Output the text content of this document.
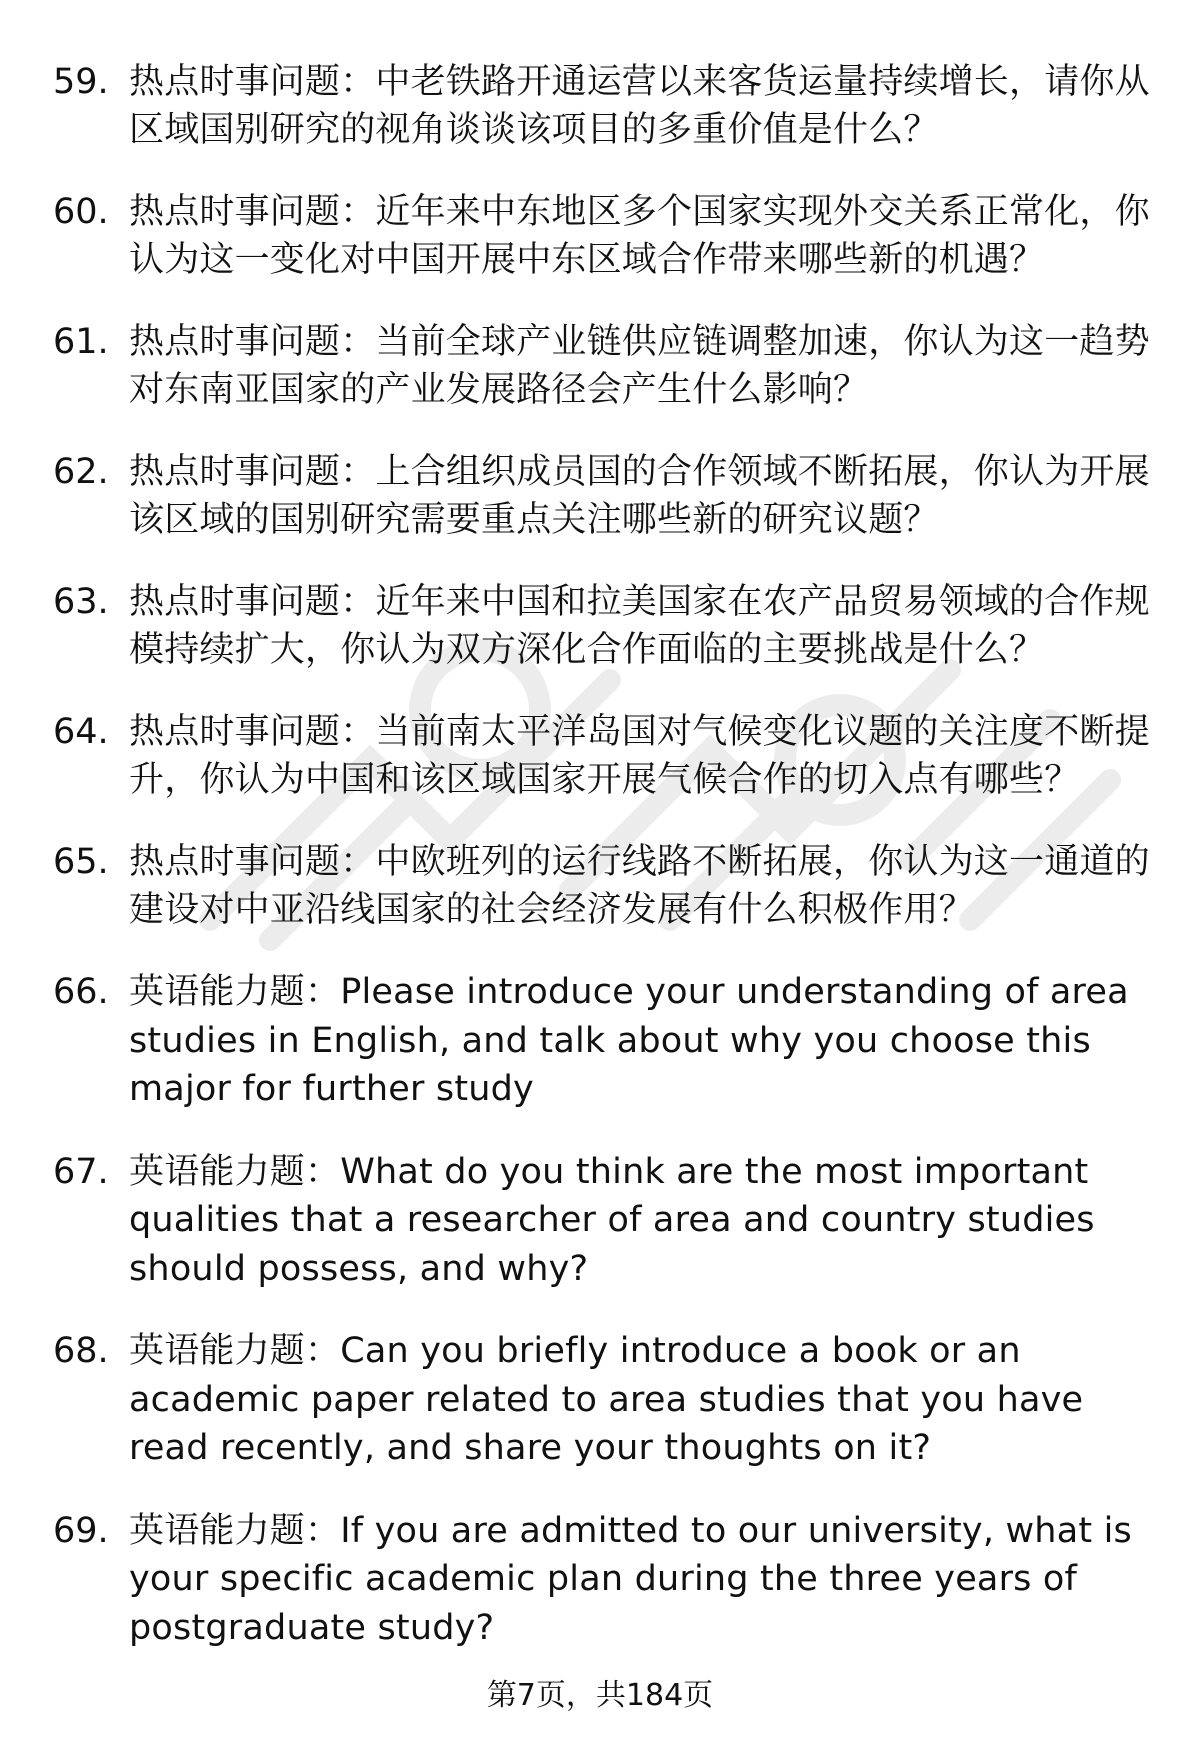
59. 热点时事问题：中老铁路开通运营以来客货运量持续增长，请你从区域国别研究的视角谈谈该项目的多重价值是什么？
60. 热点时事问题：近年来中东地区多个国家实现外交关系正常化，你认为这一变化对中国开展中东区域合作带来哪些新的机遇？
61. 热点时事问题：当前全球产业链供应链调整加速，你认为这一趋势对东南亚国家的产业发展路径会产生什么影响？
62. 热点时事问题：上合组织成员国的合作领域不断拓展，你认为开展该区域的国别研究需要重点关注哪些新的研究议题？
63. 热点时事问题：近年来中国和拉美国家在农产品贸易领域的合作规模持续扩大，你认为双方深化合作面临的主要挑战是什么？
64. 热点时事问题：当前南太平洋岛国对气候变化议题的关注度不断提升，你认为中国和该区域国家开展气候合作的切入点有哪些？
65. 热点时事问题：中欧班列的运行线路不断拓展，你认为这一通道的建设对中亚沿线国家的社会经济发展有什么积极作用？
66. 英语能力题：Please introduce your understanding of area studies in English, and talk about why you choose this major for further study
67. 英语能力题：What do you think are the most important qualities that a researcher of area and country studies should possess, and why?
68. 英语能力题：Can you briefly introduce a book or an academic paper related to area studies that you have read recently, and share your thoughts on it?
69. 英语能力题：If you are admitted to our university, what is your specific academic plan during the three years of postgraduate study?
第7页，共184页
